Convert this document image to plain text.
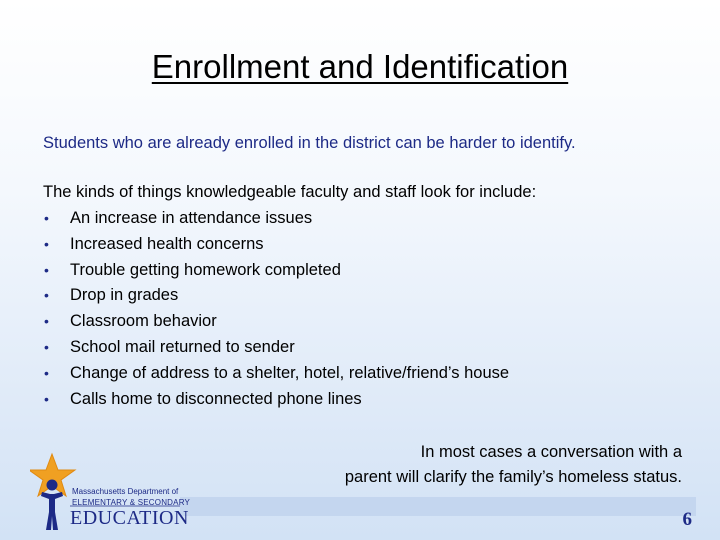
Enrollment and Identification
Students who are already enrolled in the district can be harder to identify.
The kinds of things knowledgeable faculty and staff look for include:
• An increase in attendance issues
• Increased health concerns
• Trouble getting homework completed
• Drop in grades
• Classroom behavior
• School mail returned to sender
• Change of address to a shelter, hotel, relative/friend’s house
• Calls home to disconnected phone lines
In most cases a conversation with a
parent will clarify the family’s homeless status.
6
Massachusetts Department of
ELEMENTARY & SECONDARY
EDUCATION
